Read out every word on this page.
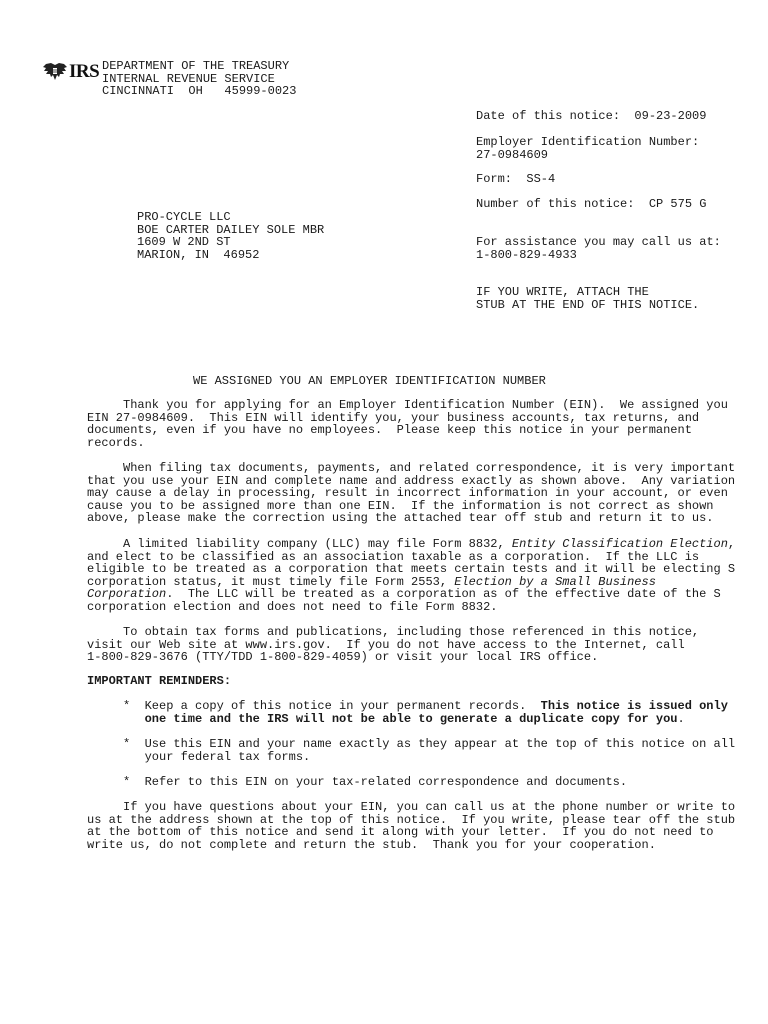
IRS DEPARTMENT OF THE TREASURY
INTERNAL REVENUE SERVICE
CINCINNATI  OH   45999-0023
Date of this notice:  09-23-2009
Employer Identification Number:
27-0984609
Form:  SS-4
Number of this notice:  CP 575 G
For assistance you may call us at:
1-800-829-4933
IF YOU WRITE, ATTACH THE
STUB AT THE END OF THIS NOTICE.
PRO-CYCLE LLC
BOE CARTER DAILEY SOLE MBR
1609 W 2ND ST
MARION, IN  46952
WE ASSIGNED YOU AN EMPLOYER IDENTIFICATION NUMBER
Thank you for applying for an Employer Identification Number (EIN).  We assigned you
EIN 27-0984609.  This EIN will identify you, your business accounts, tax returns, and
documents, even if you have no employees.  Please keep this notice in your permanent
records.
When filing tax documents, payments, and related correspondence, it is very important
that you use your EIN and complete name and address exactly as shown above.  Any variation
may cause a delay in processing, result in incorrect information in your account, or even
cause you to be assigned more than one EIN.  If the information is not correct as shown
above, please make the correction using the attached tear off stub and return it to us.
A limited liability company (LLC) may file Form 8832, Entity Classification Election,
and elect to be classified as an association taxable as a corporation.  If the LLC is
eligible to be treated as a corporation that meets certain tests and it will be electing S
corporation status, it must timely file Form 2553, Election by a Small Business
Corporation.  The LLC will be treated as a corporation as of the effective date of the S
corporation election and does not need to file Form 8832.
To obtain tax forms and publications, including those referenced in this notice,
visit our Web site at www.irs.gov.  If you do not have access to the Internet, call
1-800-829-3676 (TTY/TDD 1-800-829-4059) or visit your local IRS office.
IMPORTANT REMINDERS:
*  Keep a copy of this notice in your permanent records.  This notice is issued only
one time and the IRS will not be able to generate a duplicate copy for you.
*  Use this EIN and your name exactly as they appear at the top of this notice on all
your federal tax forms.
*  Refer to this EIN on your tax-related correspondence and documents.
If you have questions about your EIN, you can call us at the phone number or write to
us at the address shown at the top of this notice.  If you write, please tear off the stub
at the bottom of this notice and send it along with your letter.  If you do not need to
write us, do not complete and return the stub.  Thank you for your cooperation.
